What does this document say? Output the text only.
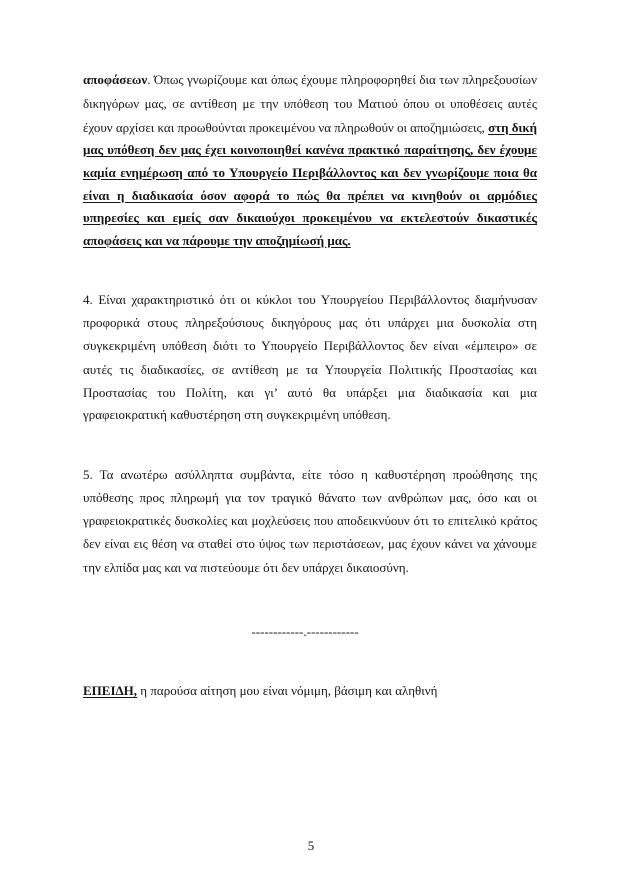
αποφάσεων. Όπως γνωρίζουμε και όπως έχουμε πληροφορηθεί δια των πληρεξουσίων
δικηγόρων μας, σε αντίθεση με την υπόθεση του Ματιού όπου οι υποθέσεις αυτές
έχουν αρχίσει και προωθούνται προκειμένου να πληρωθούν οι αποζημιώσεις, στη δική
μας υπόθεση δεν μας έχει κοινοποιηθεί κανένα πρακτικό παραίτησης, δεν έχουμε
καμία ενημέρωση από το Υπουργείο Περιβάλλοντος και δεν γνωρίζουμε ποια θα
είναι η διαδικασία όσον αφορά το πώς θα πρέπει να κινηθούν οι αρμόδιες
υπηρεσίες και εμείς σαν δικαιούχοι προκειμένου να εκτελεστούν δικαστικές
αποφάσεις και να πάρουμε την αποζημίωσή μας.
4. Είναι χαρακτηριστικό ότι οι κύκλοι του Υπουργείου Περιβάλλοντος διαμήνυσαν
προφορικά στους πληρεξούσιους δικηγόρους μας ότι υπάρχει μια δυσκολία στη
συγκεκριμένη υπόθεση διότι το Υπουργείο Περιβάλλοντος δεν είναι «έμπειρο» σε
αυτές τις διαδικασίες, σε αντίθεση με τα Υπουργεία Πολιτικής Προστασίας και
Προστασίας του Πολίτη, και γι’ αυτό θα υπάρξει μια διαδικασία και μια
γραφειοκρατική καθυστέρηση στη συγκεκριμένη υπόθεση.
5. Τα ανωτέρω ασύλληπτα συμβάντα, είτε τόσο η καθυστέρηση προώθησης της
υπόθεσης προς πληρωμή για τον τραγικό θάνατο των ανθρώπων μας, όσο και οι
γραφειοκρατικές δυσκολίες και μοχλεύσεις που αποδεικνύουν ότι το επιτελικό κράτος
δεν είναι εις θέση να σταθεί στο ύψος των περιστάσεων, μας έχουν κάνει να χάνουμε
την ελπίδα μας και να πιστεύουμε ότι δεν υπάρχει δικαιοσύνη.
------------.------------
ΕΠΕΙΔΗ, η παρούσα αίτηση μου είναι νόμιμη, βάσιμη και αληθινή
5
